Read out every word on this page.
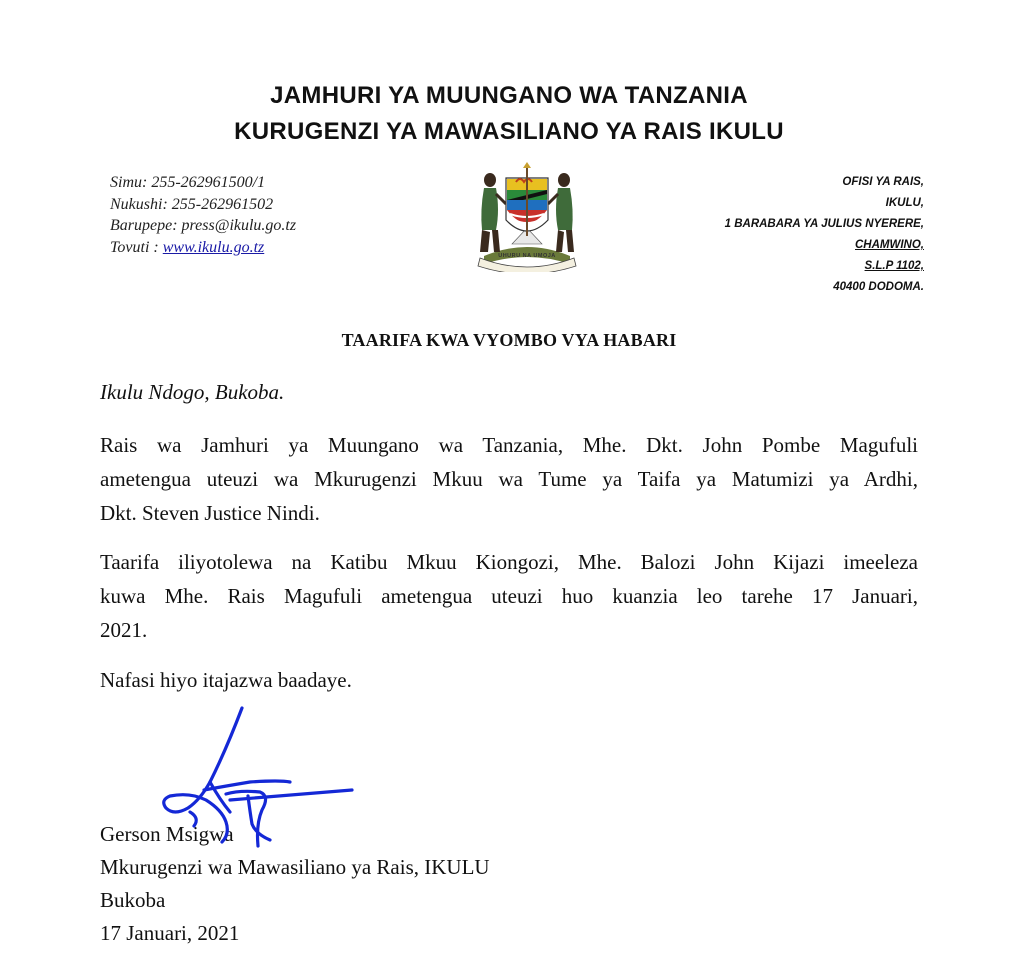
JAMHURI YA MUUNGANO WA TANZANIA
KURUGENZI YA MAWASILIANO YA RAIS IKULU
Simu: 255-262961500/1
Nukushi: 255-262961502
Barupepe: press@ikulu.go.tz
Tovuti : www.ikulu.go.tz
UHURU NA UMOJA
OFISI YA RAIS,
IKULU,
1 BARABARA YA JULIUS NYERERE,
CHAMWINO,
S.L.P 1102,
40400 DODOMA.
TAARIFA KWA VYOMBO VYA HABARI
Ikulu Ndogo, Bukoba.
Rais wa Jamhuri ya Muungano wa Tanzania, Mhe. Dkt. John Pombe Magufuli
ametengua uteuzi wa Mkurugenzi Mkuu wa Tume ya Taifa ya Matumizi ya Ardhi,
Dkt. Steven Justice Nindi.
Taarifa iliyotolewa na Katibu Mkuu Kiongozi, Mhe. Balozi John Kijazi imeeleza
kuwa Mhe. Rais Magufuli ametengua uteuzi huo kuanzia leo tarehe 17 Januari,
2021.
Nafasi hiyo itajazwa baadaye.
Gerson Msigwa
Mkurugenzi wa Mawasiliano ya Rais, IKULU
Bukoba
17 Januari, 2021
